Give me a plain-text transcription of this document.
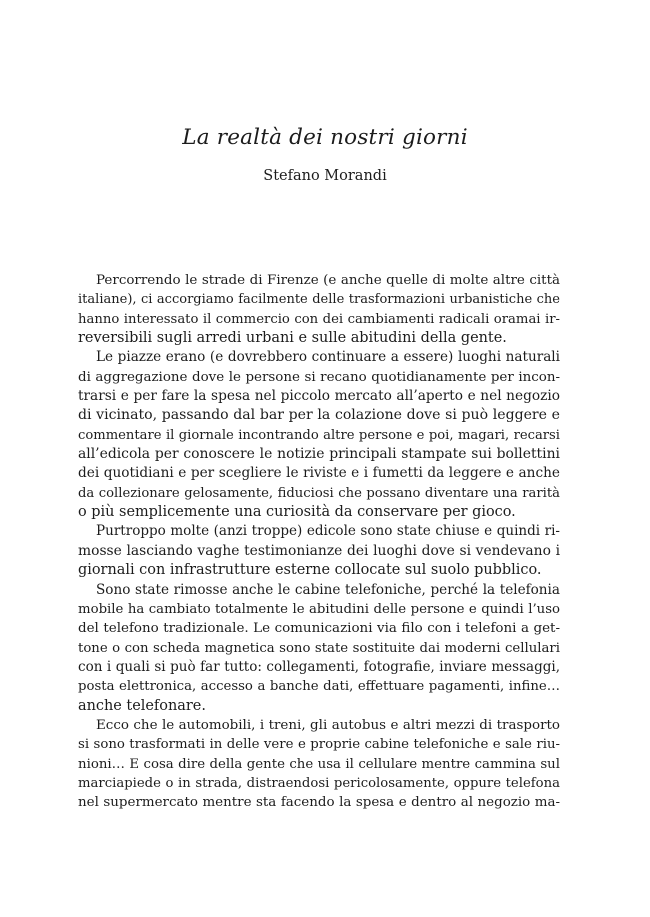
La realtà dei nostri giorni
Stefano Morandi
Percorrendo le strade di Firenze (e anche quelle di molte altre città
italiane), ci accorgiamo facilmente delle trasformazioni urbanistiche che
hanno interessato il commercio con dei cambiamenti radicali oramai ir-
reversibili sugli arredi urbani e sulle abitudini della gente.
Le piazze erano (e dovrebbero continuare a essere) luoghi naturali
di aggregazione dove le persone si recano quotidianamente per incon-
trarsi e per fare la spesa nel piccolo mercato all’aperto e nel negozio
di vicinato, passando dal bar per la colazione dove si può leggere e
commentare il giornale incontrando altre persone e poi, magari, recarsi
all’edicola per conoscere le notizie principali stampate sui bollettini
dei quotidiani e per scegliere le riviste e i fumetti da leggere e anche
da collezionare gelosamente, fiduciosi che possano diventare una rarità
o più semplicemente una curiosità da conservare per gioco.
Purtroppo molte (anzi troppe) edicole sono state chiuse e quindi ri-
mosse lasciando vaghe testimonianze dei luoghi dove si vendevano i
giornali con infrastrutture esterne collocate sul suolo pubblico.
Sono state rimosse anche le cabine telefoniche, perché la telefonia
mobile ha cambiato totalmente le abitudini delle persone e quindi l’uso
del telefono tradizionale. Le comunicazioni via filo con i telefoni a get-
tone o con scheda magnetica sono state sostituite dai moderni cellulari
con i quali si può far tutto: collegamenti, fotografie, inviare messaggi,
posta elettronica, accesso a banche dati, effettuare pagamenti, infine…
anche telefonare.
Ecco che le automobili, i treni, gli autobus e altri mezzi di trasporto
si sono trasformati in delle vere e proprie cabine telefoniche e sale riu-
nioni… E cosa dire della gente che usa il cellulare mentre cammina sul
marciapiede o in strada, distraendosi pericolosamente, oppure telefona
nel supermercato mentre sta facendo la spesa e dentro al negozio ma-
